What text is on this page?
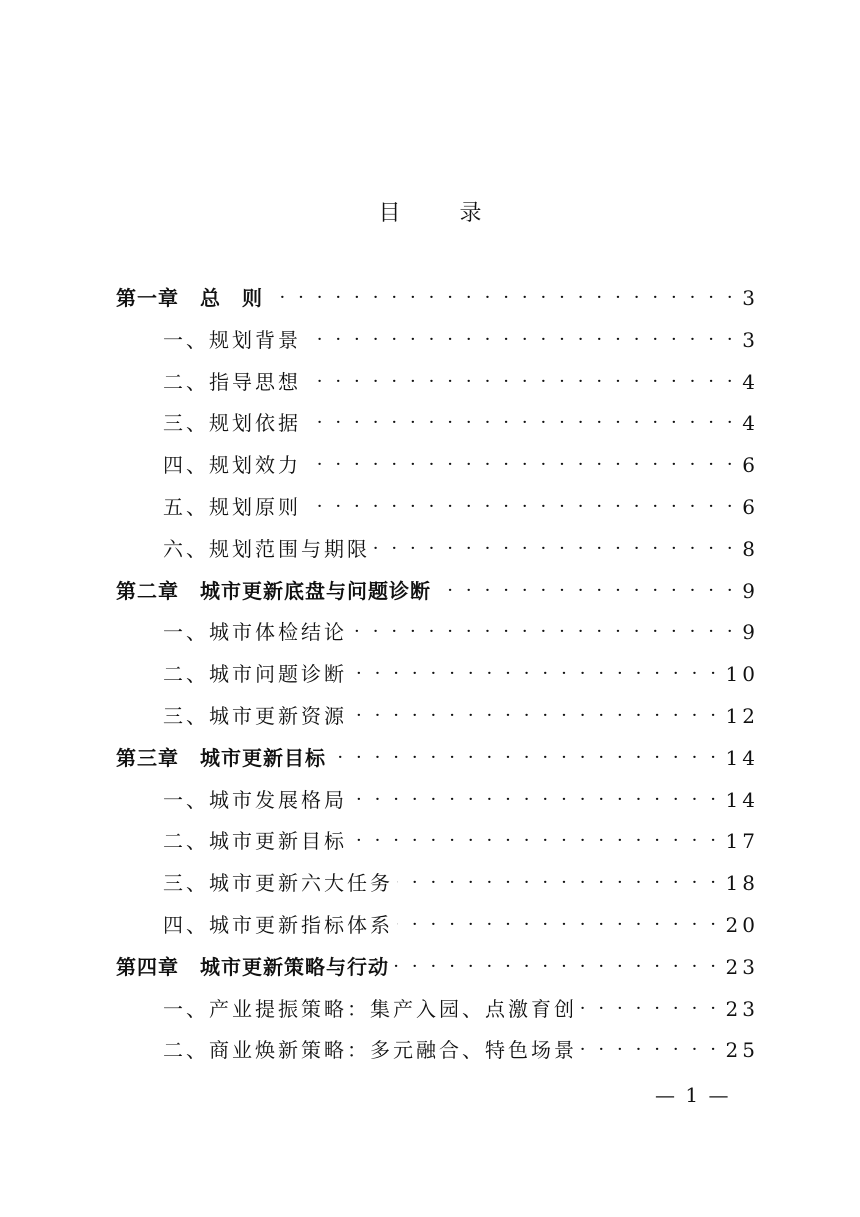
目 录
第一章　总　则 · · ·	3
一、规划背景 · · ·	3
二、指导思想 · · ·	4
三、规划依据 · · ·	4
四、规划效力 · · ·	6
五、规划原则 · · ·	6
六、规划范围与期限 · · ·	8
第二章　城市更新底盘与问题诊断 · · ·	9
一、城市体检结论 · · ·	9
二、城市问题诊断 · · ·	10
三、城市更新资源 · · ·	12
第三章　城市更新目标 · · ·	14
一、城市发展格局 · · ·	14
二、城市更新目标 · · ·	17
三、城市更新六大任务 · · ·	18
四、城市更新指标体系 · · ·	20
第四章　城市更新策略与行动 · · ·	23
一、产业提振策略：集产入园、点激育创 · · ·	23
二、商业焕新策略：多元融合、特色场景 · · ·	25
— 1 —
